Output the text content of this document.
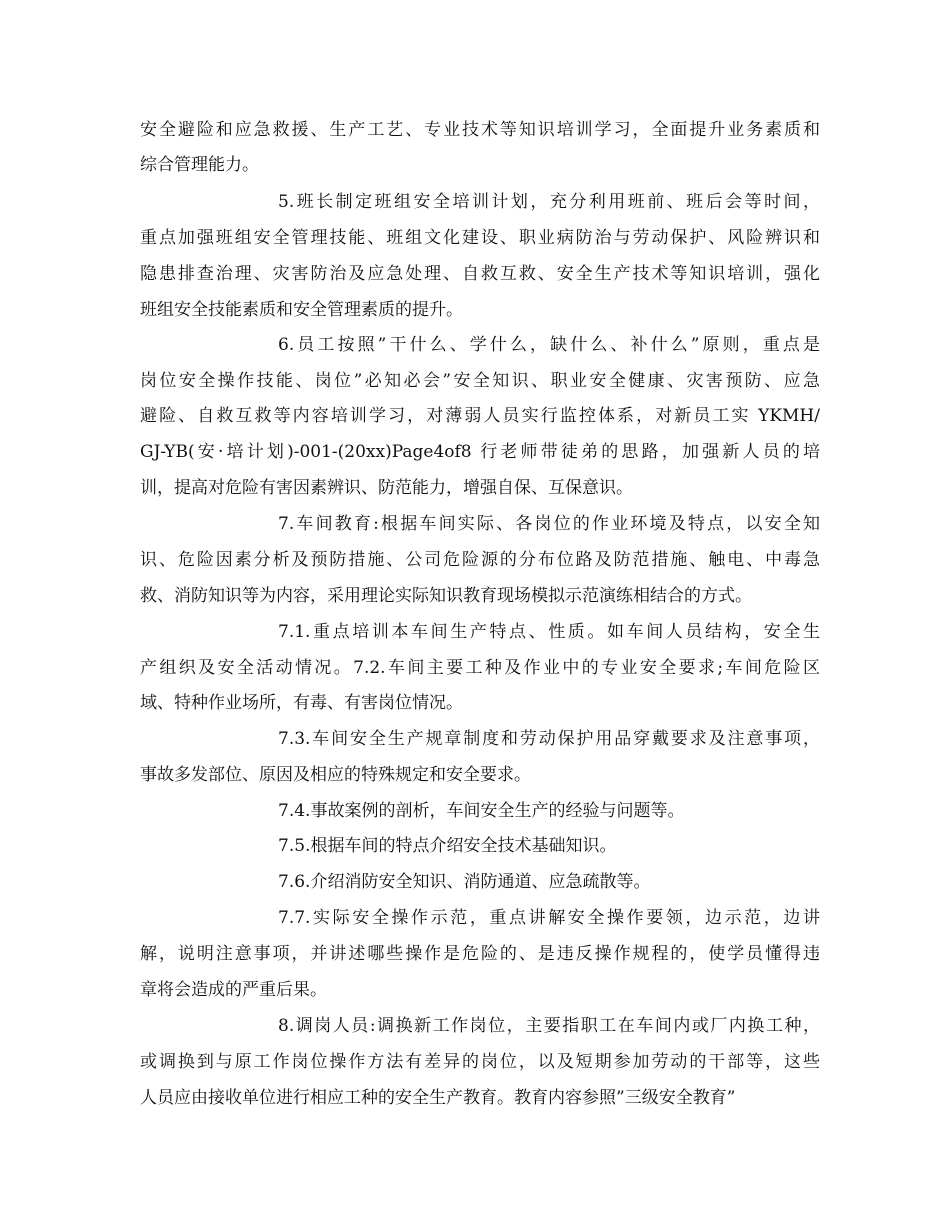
安全避险和应急救援、生产工艺、专业技术等知识培训学习，全面提升业务素质和
综合管理能力。
5.班长制定班组安全培训计划，充分利用班前、班后会等时间，
重点加强班组安全管理技能、班组文化建设、职业病防治与劳动保护、风险辨识和
隐患排查治理、灾害防治及应急处理、自救互救、安全生产技术等知识培训，强化
班组安全技能素质和安全管理素质的提升。
6.员工按照”干什么、学什么，缺什么、补什么”原则，重点是
岗位安全操作技能、岗位”必知必会”安全知识、职业安全健康、灾害预防、应急
避险、自救互救等内容培训学习，对薄弱人员实行监控体系，对新员工实 YKMH/
GJ-YB(安·培计划)-001-(20xx)Page4of8 行老师带徒弟的思路，加强新人员的培
训，提高对危险有害因素辨识、防范能力，增强自保、互保意识。
7.车间教育:根据车间实际、各岗位的作业环境及特点，以安全知
识、危险因素分析及预防措施、公司危险源的分布位路及防范措施、触电、中毒急
救、消防知识等为内容，采用理论实际知识教育现场模拟示范演练相结合的方式。
7.1.重点培训本车间生产特点、性质。如车间人员结构，安全生
产组织及安全活动情况。7.2.车间主要工种及作业中的专业安全要求;车间危险区
域、特种作业场所，有毒、有害岗位情况。
7.3.车间安全生产规章制度和劳动保护用品穿戴要求及注意事项，
事故多发部位、原因及相应的特殊规定和安全要求。
7.4.事故案例的剖析，车间安全生产的经验与问题等。
7.5.根据车间的特点介绍安全技术基础知识。
7.6.介绍消防安全知识、消防通道、应急疏散等。
7.7.实际安全操作示范，重点讲解安全操作要领，边示范，边讲
解，说明注意事项，并讲述哪些操作是危险的、是违反操作规程的，使学员懂得违
章将会造成的严重后果。
8.调岗人员:调换新工作岗位，主要指职工在车间内或厂内换工种，
或调换到与原工作岗位操作方法有差异的岗位，以及短期参加劳动的干部等，这些
人员应由接收单位进行相应工种的安全生产教育。教育内容参照”三级安全教育”
